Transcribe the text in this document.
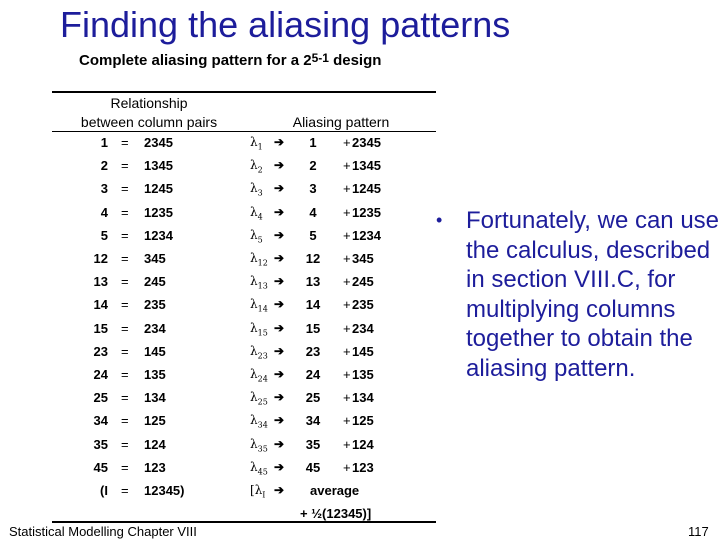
Finding the aliasing patterns
Complete aliasing pattern for a 2$^{5-1}$ design
Relationship
between column pairs	Aliasing pattern
1 = 2345	$\lambda_1$ ➔	1	+ 2345
2 = 1345	$\lambda_2$ ➔	2	+ 1345
3 = 1245	$\lambda_3$ ➔	3	+ 1245
4 = 1235	$\lambda_4$ ➔	4	+ 1235
5 = 1234	$\lambda_5$ ➔	5	+ 1234
12 = 345	$\lambda_{12}$ ➔	12	+ 345
13 = 245	$\lambda_{13}$ ➔	13	+ 245
14 = 235	$\lambda_{14}$ ➔	14	+ 235
15 = 234	$\lambda_{15}$ ➔	15	+ 234
23 = 145	$\lambda_{23}$ ➔	23	+ 145
24 = 135	$\lambda_{24}$ ➔	24	+ 135
25 = 134	$\lambda_{25}$ ➔	25	+ 134
34 = 125	$\lambda_{34}$ ➔	34	+ 125
35 = 124	$\lambda_{35}$ ➔	35	+ 124
45 = 123	$\lambda_{45}$ ➔	45	+ 123
(I = 12345)	[$\lambda_I$ ➔ average
+ ½(12345)]
• Fortunately, we can use the calculus, described in section VIII.C, for multiplying columns together to obtain the aliasing pattern.
Statistical Modelling Chapter VIII	117
